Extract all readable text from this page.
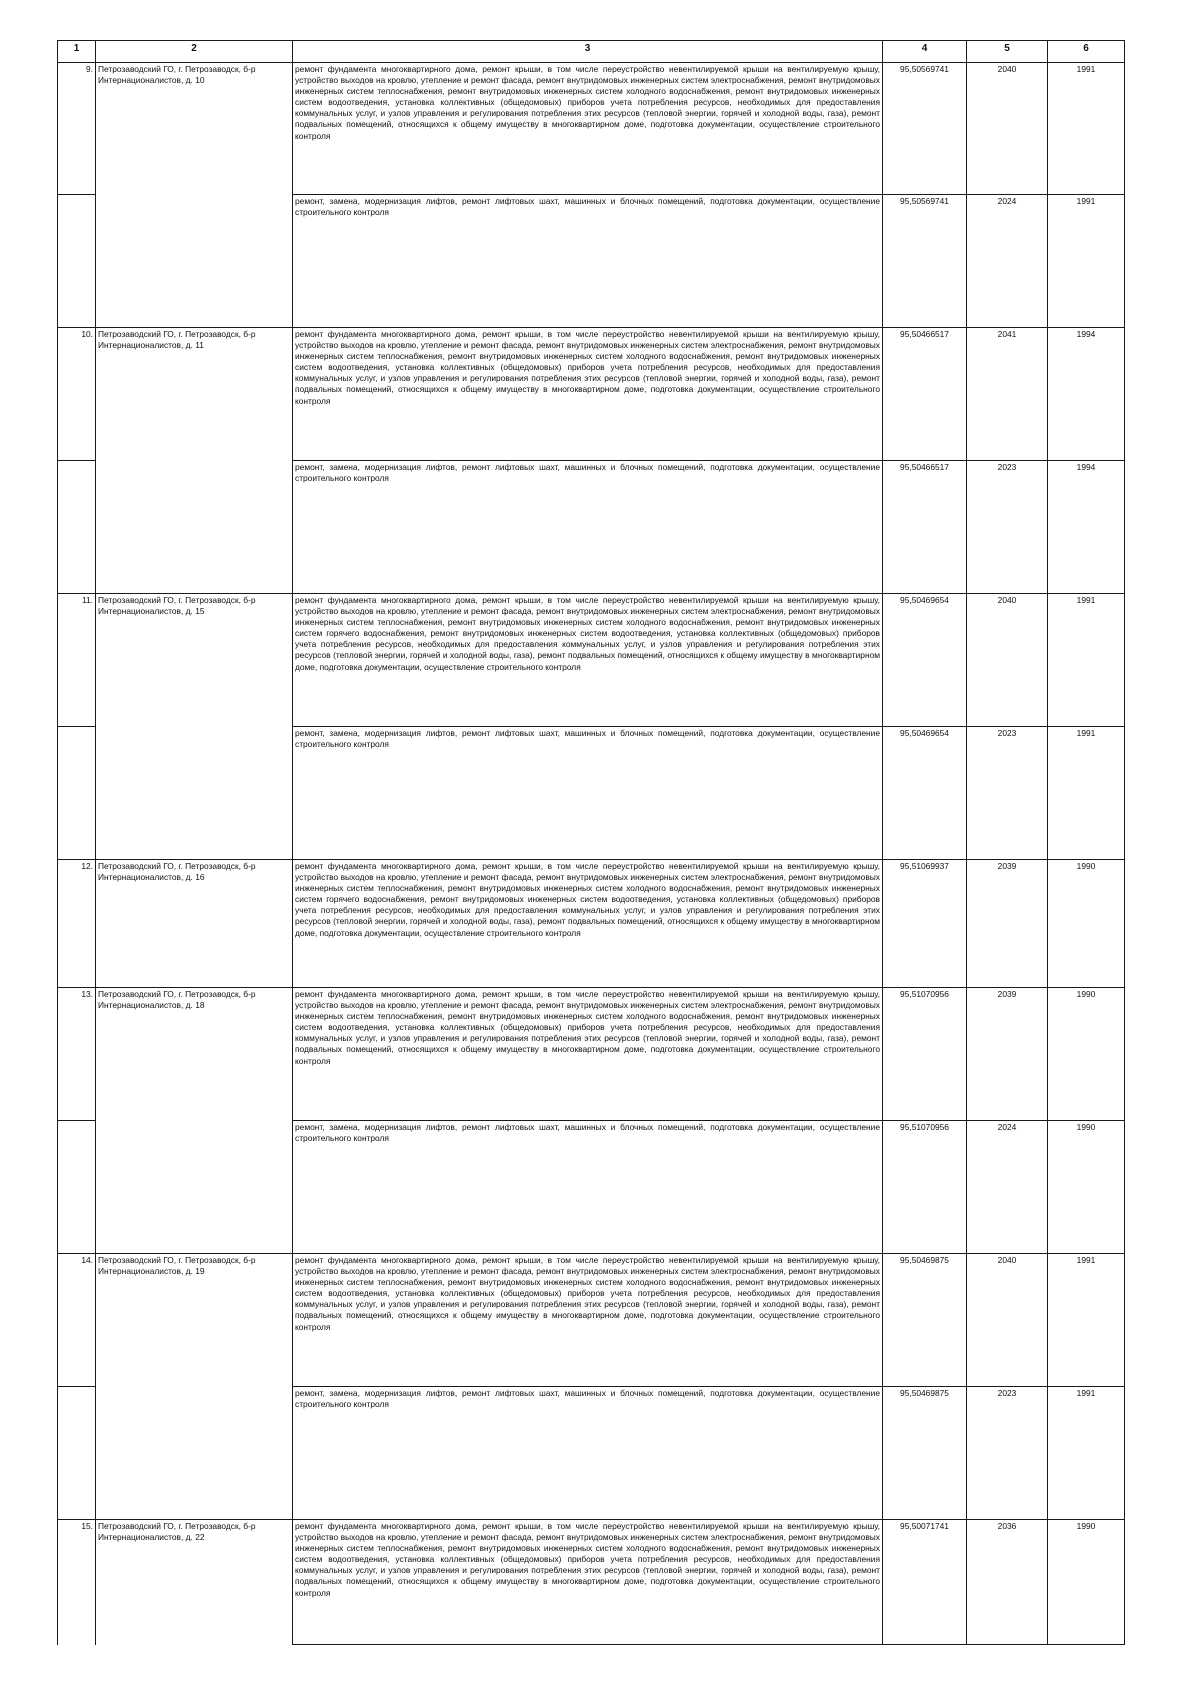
1	2	3	4	5	6
9.	Петрозаводский ГО, г. Петрозаводск, б-р Интернационалистов, д. 10	ремонт фундамента многоквартирного дома, ремонт крыши, в том числе переустройство невентилируемой крыши на вентилируемую крышу, устройство выходов на кровлю, утепление и ремонт фасада, ремонт внутридомовых инженерных систем электроснабжения, ремонт внутридомовых инженерных систем теплоснабжения, ремонт внутридомовых инженерных систем холодного водоснабжения, ремонт внутридомовых инженерных систем водоотведения, установка коллективных (общедомовых) приборов учета потребления ресурсов, необходимых для предоставления коммунальных услуг, и узлов управления и регулирования потребления этих ресурсов (тепловой энергии, горячей и холодной воды, газа), ремонт подвальных помещений, относящихся к общему имуществу в многоквартирном доме, подготовка документации, осуществление строительного контроля	95,50569741	2040	1991
		ремонт, замена, модернизация лифтов, ремонт лифтовых шахт, машинных и блочных помещений, подготовка документации, осуществление строительного контроля	95,50569741	2024	1991
10.	Петрозаводский ГО, г. Петрозаводск, б-р Интернационалистов, д. 11	ремонт фундамента многоквартирного дома, ремонт крыши, в том числе переустройство невентилируемой крыши на вентилируемую крышу, устройство выходов на кровлю, утепление и ремонт фасада, ремонт внутридомовых инженерных систем электроснабжения, ремонт внутридомовых инженерных систем теплоснабжения, ремонт внутридомовых инженерных систем холодного водоснабжения, ремонт внутридомовых инженерных систем водоотведения, установка коллективных (общедомовых) приборов учета потребления ресурсов, необходимых для предоставления коммунальных услуг, и узлов управления и регулирования потребления этих ресурсов (тепловой энергии, горячей и холодной воды, газа), ремонт подвальных помещений, относящихся к общему имуществу в многоквартирном доме, подготовка документации, осуществление строительного контроля	95,50466517	2041	1994
		ремонт, замена, модернизация лифтов, ремонт лифтовых шахт, машинных и блочных помещений, подготовка документации, осуществление строительного контроля	95,50466517	2023	1994
11.	Петрозаводский ГО, г. Петрозаводск, б-р Интернационалистов, д. 15	ремонт фундамента многоквартирного дома, ремонт крыши, в том числе переустройство невентилируемой крыши на вентилируемую крышу, устройство выходов на кровлю, утепление и ремонт фасада, ремонт внутридомовых инженерных систем электроснабжения, ремонт внутридомовых инженерных систем теплоснабжения, ремонт внутридомовых инженерных систем холодного водоснабжения, ремонт внутридомовых инженерных систем горячего водоснабжения, ремонт внутридомовых инженерных систем водоотведения, установка коллективных (общедомовых) приборов учета потребления ресурсов, необходимых для предоставления коммунальных услуг, и узлов управления и регулирования потребления этих ресурсов (тепловой энергии, горячей и холодной воды, газа), ремонт подвальных помещений, относящихся к общему имуществу в многоквартирном доме, подготовка документации, осуществление строительного контроля	95,50469654	2040	1991
		ремонт, замена, модернизация лифтов, ремонт лифтовых шахт, машинных и блочных помещений, подготовка документации, осуществление строительного контроля	95,50469654	2023	1991
12.	Петрозаводский ГО, г. Петрозаводск, б-р Интернационалистов, д. 16	ремонт фундамента многоквартирного дома, ремонт крыши, в том числе переустройство невентилируемой крыши на вентилируемую крышу, устройство выходов на кровлю, утепление и ремонт фасада, ремонт внутридомовых инженерных систем электроснабжения, ремонт внутридомовых инженерных систем теплоснабжения, ремонт внутридомовых инженерных систем холодного водоснабжения, ремонт внутридомовых инженерных систем горячего водоснабжения, ремонт внутридомовых инженерных систем водоотведения, установка коллективных (общедомовых) приборов учета потребления ресурсов, необходимых для предоставления коммунальных услуг, и узлов управления и регулирования потребления этих ресурсов (тепловой энергии, горячей и холодной воды, газа), ремонт подвальных помещений, относящихся к общему имуществу в многоквартирном доме, подготовка документации, осуществление строительного контроля	95,51069937	2039	1990
13.	Петрозаводский ГО, г. Петрозаводск, б-р Интернационалистов, д. 18	ремонт фундамента многоквартирного дома, ремонт крыши, в том числе переустройство невентилируемой крыши на вентилируемую крышу, устройство выходов на кровлю, утепление и ремонт фасада, ремонт внутридомовых инженерных систем электроснабжения, ремонт внутридомовых инженерных систем теплоснабжения, ремонт внутридомовых инженерных систем холодного водоснабжения, ремонт внутридомовых инженерных систем водоотведения, установка коллективных (общедомовых) приборов учета потребления ресурсов, необходимых для предоставления коммунальных услуг, и узлов управления и регулирования потребления этих ресурсов (тепловой энергии, горячей и холодной воды, газа), ремонт подвальных помещений, относящихся к общему имуществу в многоквартирном доме, подготовка документации, осуществление строительного контроля	95,51070956	2039	1990
		ремонт, замена, модернизация лифтов, ремонт лифтовых шахт, машинных и блочных помещений, подготовка документации, осуществление строительного контроля	95,51070956	2024	1990
14.	Петрозаводский ГО, г. Петрозаводск, б-р Интернационалистов, д. 19	ремонт фундамента многоквартирного дома, ремонт крыши, в том числе переустройство невентилируемой крыши на вентилируемую крышу, устройство выходов на кровлю, утепление и ремонт фасада, ремонт внутридомовых инженерных систем электроснабжения, ремонт внутридомовых инженерных систем теплоснабжения, ремонт внутридомовых инженерных систем холодного водоснабжения, ремонт внутридомовых инженерных систем водоотведения, установка коллективных (общедомовых) приборов учета потребления ресурсов, необходимых для предоставления коммунальных услуг, и узлов управления и регулирования потребления этих ресурсов (тепловой энергии, горячей и холодной воды, газа), ремонт подвальных помещений, относящихся к общему имуществу в многоквартирном доме, подготовка документации, осуществление строительного контроля	95,50469875	2040	1991
		ремонт, замена, модернизация лифтов, ремонт лифтовых шахт, машинных и блочных помещений, подготовка документации, осуществление строительного контроля	95,50469875	2023	1991
15.	Петрозаводский ГО, г. Петрозаводск, б-р Интернационалистов, д. 22	ремонт фундамента многоквартирного дома, ремонт крыши, в том числе переустройство невентилируемой крыши на вентилируемую крышу, устройство выходов на кровлю, утепление и ремонт фасада, ремонт внутридомовых инженерных систем электроснабжения, ремонт внутридомовых инженерных систем теплоснабжения, ремонт внутридомовых инженерных систем холодного водоснабжения, ремонт внутридомовых инженерных систем водоотведения, установка коллективных (общедомовых) приборов учета потребления ресурсов, необходимых для предоставления коммунальных услуг, и узлов управления и регулирования потребления этих ресурсов (тепловой энергии, горячей и холодной воды, газа), ремонт подвальных помещений, относящихся к общему имуществу в многоквартирном доме, подготовка документации, осуществление строительного контроля	95,50071741	2036	1990
